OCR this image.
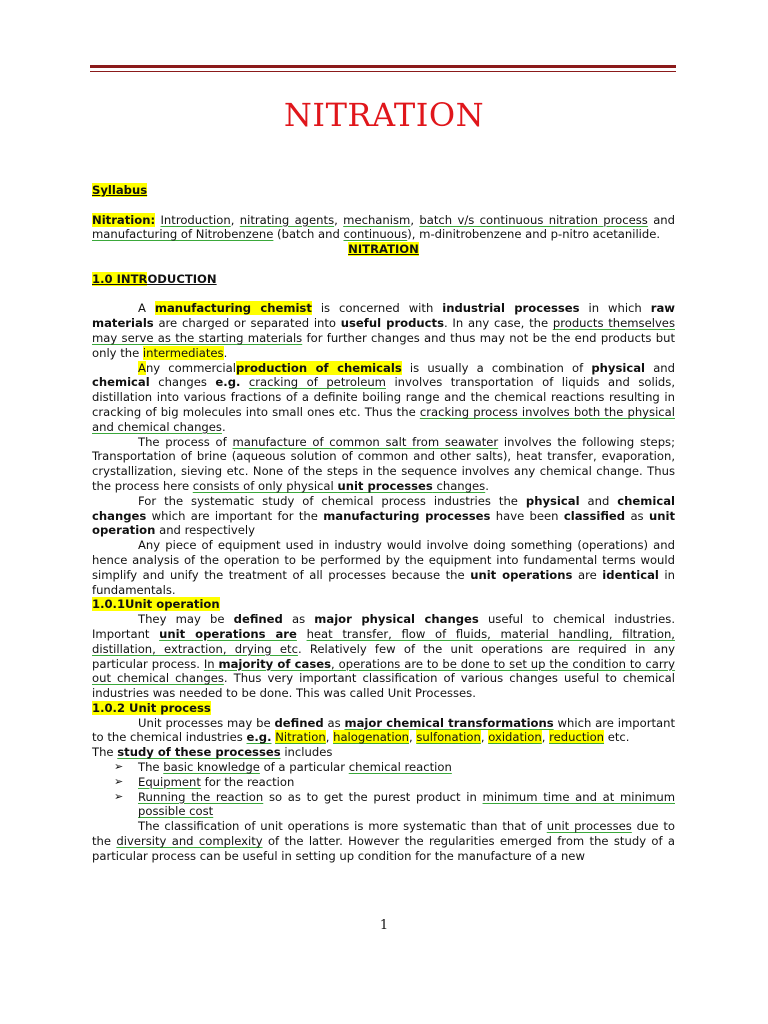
NITRATION

Syllabus

Nitration: Introduction, nitrating agents, mechanism, batch v/s continuous nitration process and manufacturing of Nitrobenzene (batch and continuous), m-dinitrobenzene and p-nitro acetanilide.

NITRATION

1.0 INTRODUCTION

A manufacturing chemist is concerned with industrial processes in which raw materials are charged or separated into useful products. In any case, the products themselves may serve as the starting materials for further changes and thus may not be the end products but only the intermediates.

Any commercialproduction of chemicals is usually a combination of physical and chemical changes e.g. cracking of petroleum involves transportation of liquids and solids, distillation into various fractions of a definite boiling range and the chemical reactions resulting in cracking of big molecules into small ones etc. Thus the cracking process involves both the physical and chemical changes.

The process of manufacture of common salt from seawater involves the following steps; Transportation of brine (aqueous solution of common and other salts), heat transfer, evaporation, crystallization, sieving etc. None of the steps in the sequence involves any chemical change. Thus the process here consists of only physical unit processes changes.

For the systematic study of chemical process industries the physical and chemical changes which are important for the manufacturing processes have been classified as unit operation and respectively

Any piece of equipment used in industry would involve doing something (operations) and hence analysis of the operation to be performed by the equipment into fundamental terms would simplify and unify the treatment of all processes because the unit operations are identical in fundamentals.

1.0.1Unit operation

They may be defined as major physical changes useful to chemical industries. Important unit operations are heat transfer, flow of fluids, material handling, filtration, distillation, extraction, drying etc. Relatively few of the unit operations are required in any particular process. In majority of cases, operations are to be done to set up the condition to carry out chemical changes. Thus very important classification of various changes useful to chemical industries was needed to be done. This was called Unit Processes.

1.0.2 Unit process

Unit processes may be defined as major chemical transformations which are important to the chemical industries e.g. Nitration, halogenation, sulfonation, oxidation, reduction etc.

The study of these processes includes

➢ The basic knowledge of a particular chemical reaction
➢ Equipment for the reaction
➢ Running the reaction so as to get the purest product in minimum time and at minimum possible cost

The classification of unit operations is more systematic than that of unit processes due to the diversity and complexity of the latter. However the regularities emerged from the study of a particular process can be useful in setting up condition for the manufacture of a new

1
